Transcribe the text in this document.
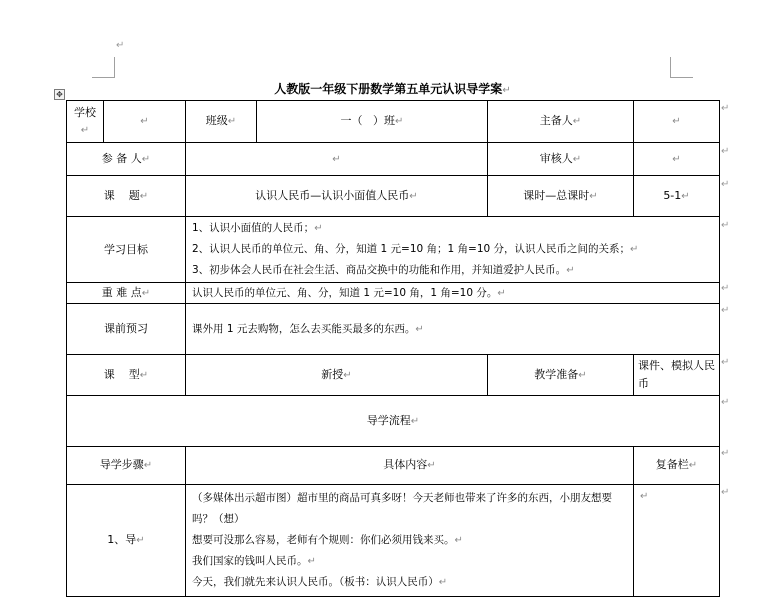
↵
✥	人教版一年级下册数学第五单元认识导学案↵
学校↵	↵	班级↵	一（   ）班↵	主备人↵	↵
参 备 人↵		↵		审核人↵	↵
课    题↵		认识人民币—认识小面值人民币↵		课时—总课时↵	5-1↵
学习目标		1、认识小面值的人民币；↵
2、认识人民币的单位元、角、分，知道 1 元=10 角；1 角=10 分，认识人民币之间的关系；↵
3、初步体会人民币在社会生活、商品交换中的功能和作用，并知道爱护人民币。↵			

重 难 点↵		认识人民币的单位元、角、分，知道 1 元=10 角，1 角=10 分。↵			
课前预习		课外用 1 元去购物，怎么去买能买最多的东西。↵			
课    型↵		新授↵		教学准备↵	课件、模拟人民币
导学流程↵					
导学步骤↵		具体内容↵			复备栏↵
1、导↵		（多媒体出示超市图）超市里的商品可真多呀！今天老师也带来了许多的东西，小朋友想要吗？（想）
想要可没那么容易，老师有个规则：你们必须用钱来买。↵
我们国家的钱叫人民币。↵
今天，我们就先来认识人民币。（板书：认识人民币）↵			↵
↵
↵
↵
↵
↵
↵
↵
↵
↵
↵
